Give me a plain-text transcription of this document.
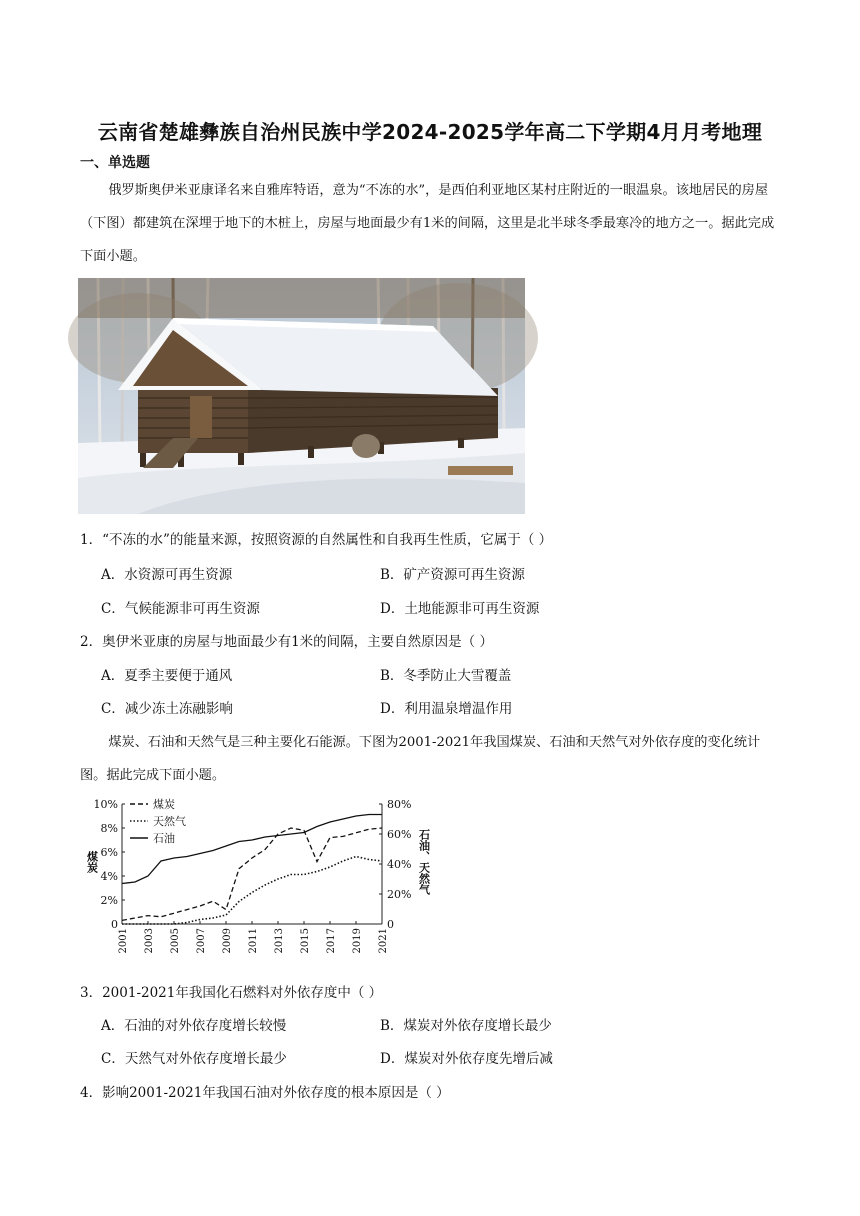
云南省楚雄彝族自治州民族中学2024-2025学年高二下学期4月月考地理
一、单选题
俄罗斯奥伊米亚康译名来自雅库特语，意为“不冻的水”，是西伯利亚地区某村庄附近的一眼温泉。该地居民的房屋（下图）都建筑在深埋于地下的木桩上，房屋与地面最少有1米的间隔，这里是北半球冬季最寒冷的地方之一。据此完成下面小题。
1．“不冻的水”的能量来源，按照资源的自然属性和自我再生性质，它属于（ ）
A．水资源可再生资源	B．矿产资源可再生资源
C．气候能源非可再生资源	D．土地能源非可再生资源
2．奥伊米亚康的房屋与地面最少有1米的间隔，主要自然原因是（ ）
A．夏季主要便于通风	B．冬季防止大雪覆盖
C．减少冻土冻融影响	D．利用温泉增温作用
煤炭、石油和天然气是三种主要化石能源。下图为2001-2021年我国煤炭、石油和天然气对外依存度的变化统计图。据此完成下面小题。
0
2%
4%
6%
8%
10%
0
20%
40%
60%
80%
2001 2003 2005 2007 2009 2011 2013 2015 2017 2019 2021
煤炭	石油、天然气
煤炭
天然气
石油
3．2001-2021年我国化石燃料对外依存度中（ ）
A．石油的对外依存度增长较慢	B．煤炭对外依存度增长最少
C．天然气对外依存度增长最少	D．煤炭对外依存度先增后减
4．影响2001-2021年我国石油对外依存度的根本原因是（ ）
